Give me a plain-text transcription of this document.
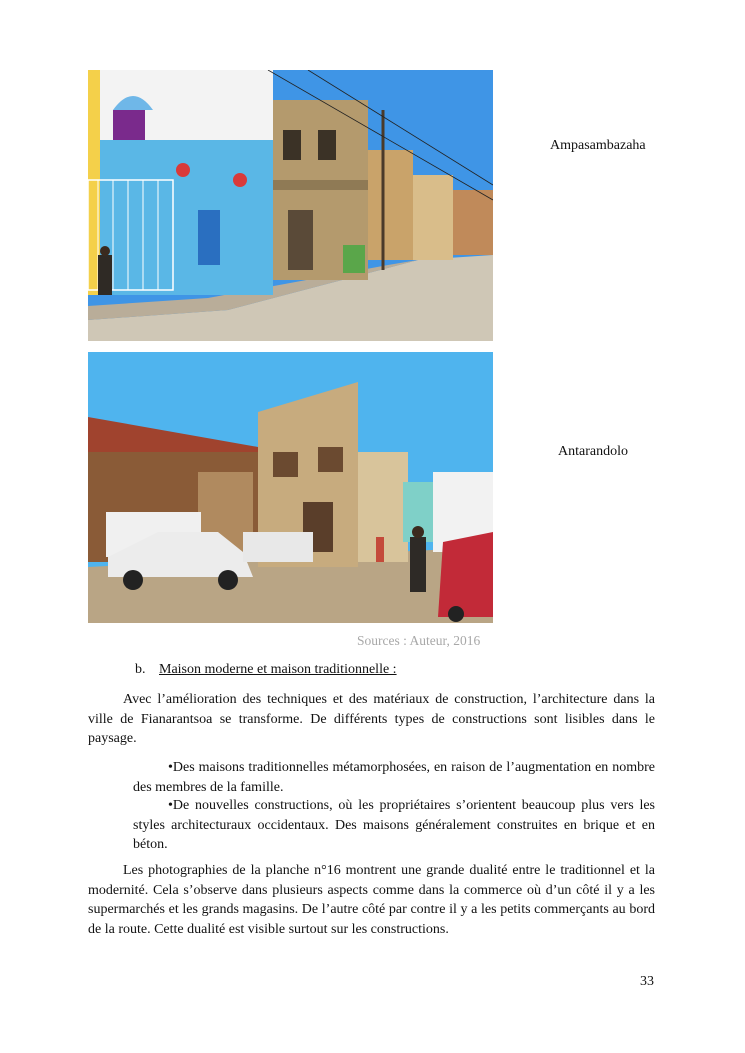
Ampasambazaha
Antarandolo
Sources : Auteur, 2016
b. Maison moderne et maison traditionnelle :

Avec l’amélioration des techniques et des matériaux de construction, l’architecture dans la ville de Fianarantsoa se transforme. De différents types de constructions sont lisibles dans le paysage.

•Des maisons traditionnelles métamorphosées, en raison de l’augmentation en nombre des membres de la famille.

•De nouvelles constructions, où les propriétaires s’orientent beaucoup plus vers les styles architecturaux occidentaux. Des maisons généralement construites en brique et en béton.

Les photographies de la planche n°16 montrent une grande dualité entre le traditionnel et la modernité. Cela s’observe dans plusieurs aspects comme dans la commerce où d’un côté il y a les supermarchés et les grands magasins. De l’autre côté par contre il y a les petits commerçants au bord de la route. Cette dualité est visible surtout sur les constructions.

33
